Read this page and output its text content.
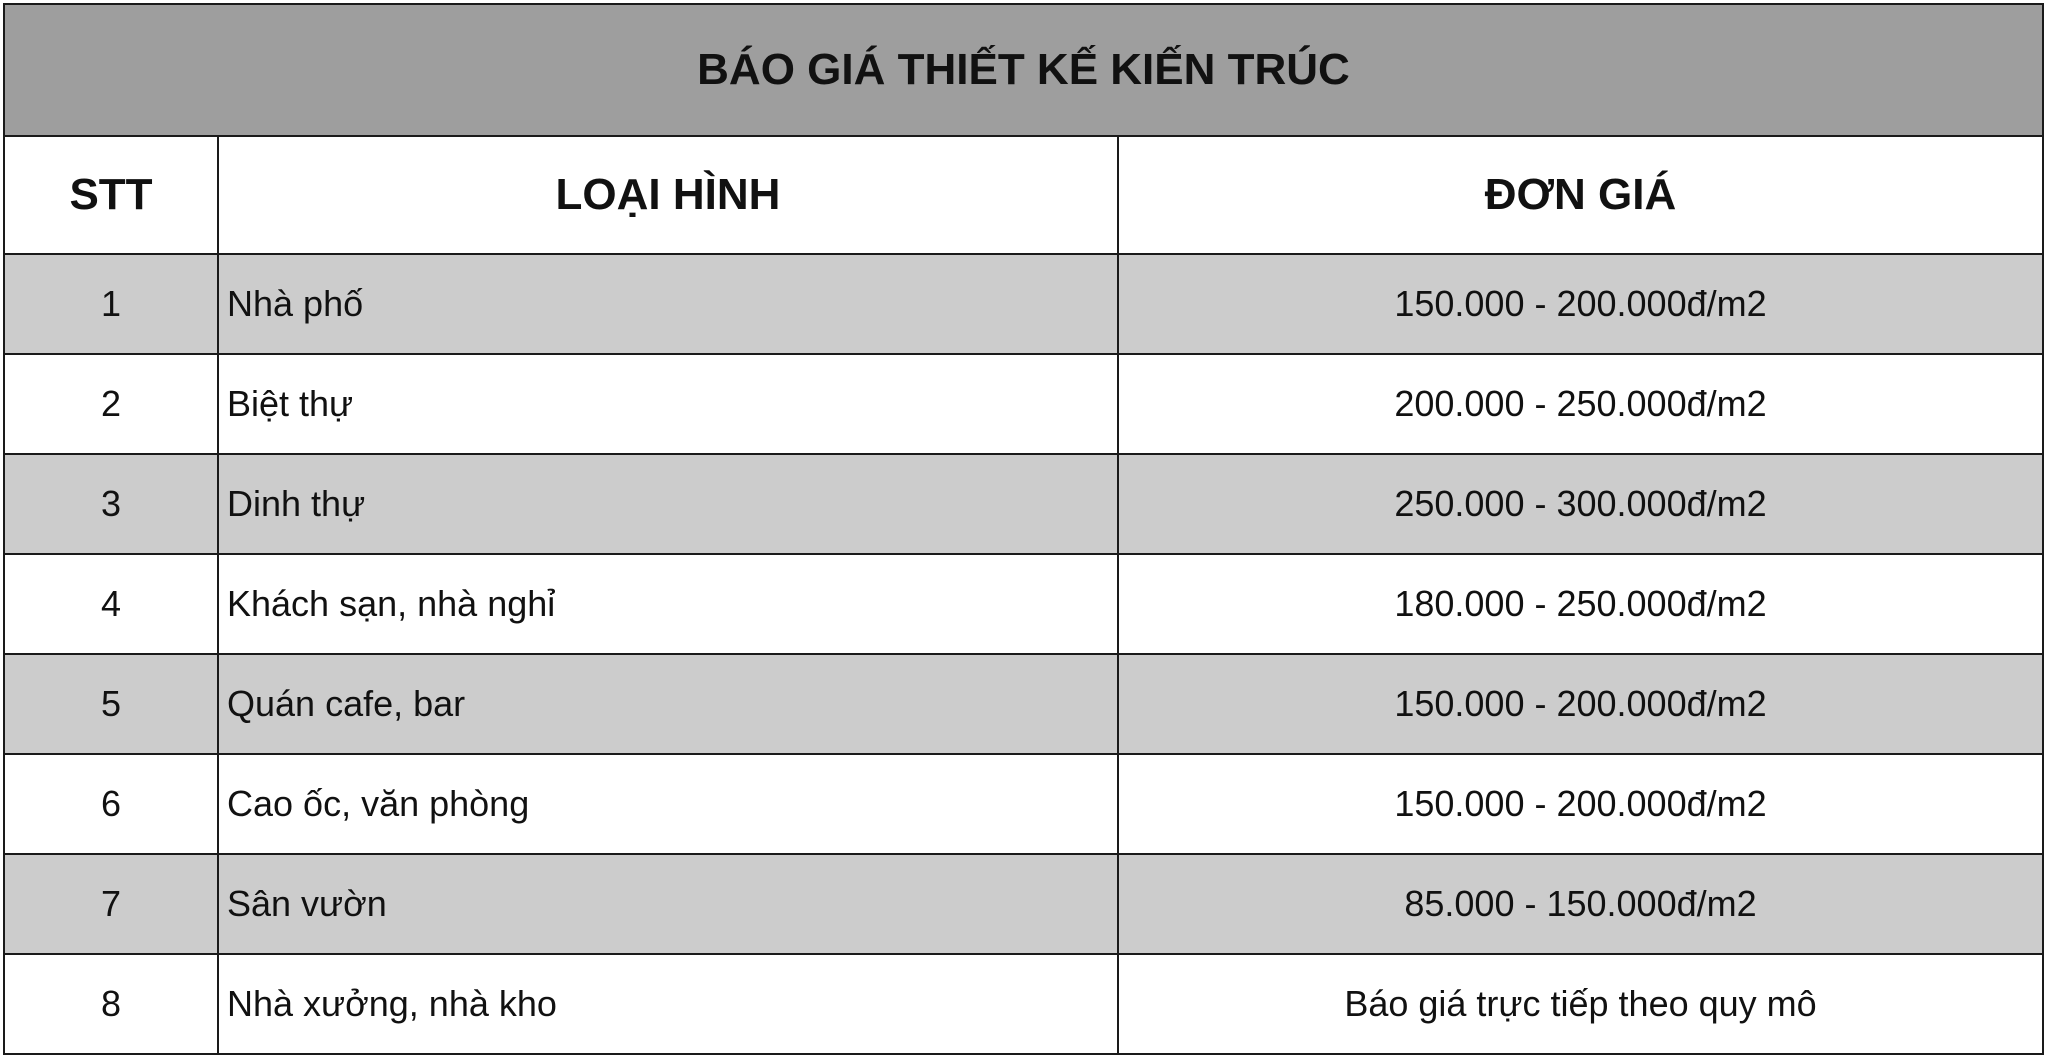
BÁO GIÁ THIẾT KẾ KIẾN TRÚC		
STT	LOẠI HÌNH	ĐƠN GIÁ
1	Nhà phố	150.000 - 200.000đ/m2
2	Biệt thự	200.000 - 250.000đ/m2
3	Dinh thự	250.000 - 300.000đ/m2
4	Khách sạn, nhà nghỉ	180.000 - 250.000đ/m2
5	Quán cafe, bar	150.000 - 200.000đ/m2
6	Cao ốc, văn phòng	150.000 - 200.000đ/m2
7	Sân vườn	85.000 - 150.000đ/m2
8	Nhà xưởng, nhà kho	Báo giá trực tiếp theo quy mô
